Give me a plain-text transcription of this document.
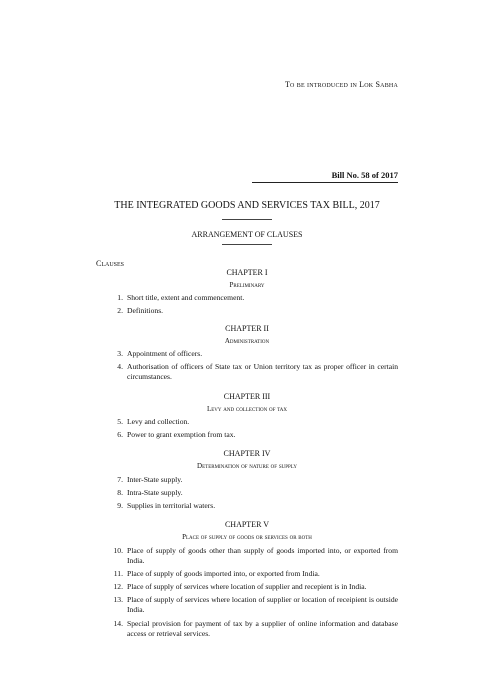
To be introduced in Lok Sabha
Bill No. 58 of 2017
THE INTEGRATED GOODS AND SERVICES TAX BILL, 2017
ARRANGEMENT OF CLAUSES
Clauses
CHAPTER I
Preliminary
1. Short title, extent and commencement.
2. Definitions.
CHAPTER II
Administration
3. Appointment of officers.
4. Authorisation of officers of State tax or Union territory tax as proper officer in certain circumstances.
CHAPTER III
Levy and collection of tax
5. Levy and collection.
6. Power to grant exemption from tax.
CHAPTER IV
Determination of nature of supply
7. Inter-State supply.
8. Intra-State supply.
9. Supplies in territorial waters.
CHAPTER V
Place of supply of goods or services or both
10. Place of supply of goods other than supply of goods imported into, or exported from India.
11. Place of supply of goods imported into, or exported from India.
12. Place of supply of services where location of supplier and recepient is in India.
13. Place of supply of services where location of supplier or location of receipient is outside India.
14. Special provision for payment of tax by a supplier of online information and database access or retrieval services.
